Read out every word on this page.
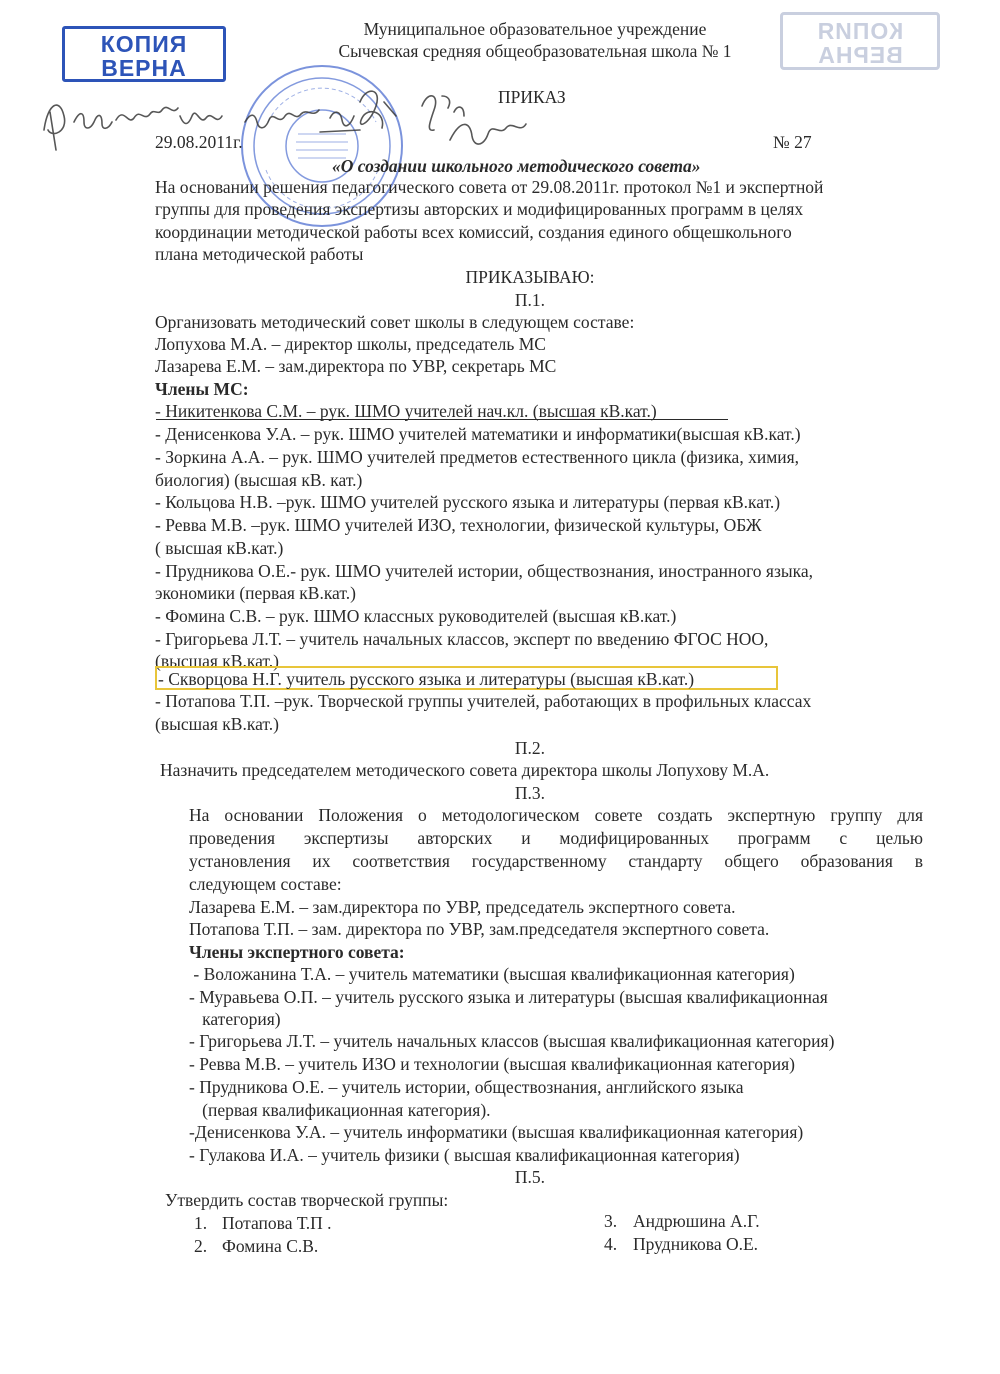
КОПИЯ
ВЕРНА
КОПИЯ
ВЕРНА
Муниципальное образовательное учреждение
Сычевская средняя общеобразовательная школа № 1
ПРИКАЗ
29.08.2011г.	№ 27
«О создании школьного методического совета»
На основании решения педагогического совета от 29.08.2011г. протокол №1 и экспертной
группы для проведения экспертизы авторских и модифицированных программ в целях
координации методической работы всех комиссий, создания единого общешкольного
плана методической работы
ПРИКАЗЫВАЮ:
П.1.
Организовать методический совет школы в следующем составе:
Лопухова М.А. – директор школы, председатель МС
Лазарева Е.М. – зам.директора по УВР, секретарь МС
Члены МС:
- Никитенкова С.М. – рук. ШМО учителей нач.кл. (высшая кВ.кат.)
- Денисенкова У.А. – рук. ШМО учителей математики и информатики(высшая кВ.кат.)
- Зоркина А.А. – рук. ШМО учителей предметов естественного цикла (физика, химия,
биология) (высшая кВ. кат.)
- Кольцова Н.В. –рук. ШМО учителей русского языка и литературы (первая кВ.кат.)
- Ревва М.В. –рук. ШМО учителей ИЗО, технологии, физической культуры, ОБЖ
( высшая кВ.кат.)
- Прудникова О.Е.- рук. ШМО учителей истории, обществознания, иностранного языка,
экономики (первая кВ.кат.)
- Фомина С.В. – рук. ШМО классных руководителей (высшая кВ.кат.)
- Григорьева Л.Т. – учитель начальных классов, эксперт по введению ФГОС НОО,
(высшая кВ.кат.)
- Скворцова Н.Г. учитель русского языка и литературы (высшая кВ.кат.)
- Потапова Т.П. –рук. Творческой группы учителей, работающих в профильных классах
(высшая кВ.кат.)
П.2.
Назначить председателем методического совета директора школы Лопухову М.А.
П.3.
На основании Положения о методологическом совете создать экспертную группу для
проведения экспертизы авторских и модифицированных программ с целью
установления их соответствия государственному стандарту общего образования в
следующем составе:
Лазарева Е.М. – зам.директора по УВР, председатель экспертного совета.
Потапова Т.П. – зам. директора по УВР, зам.председателя экспертного совета.
Члены экспертного совета:
- Воложанина Т.А. – учитель математики (высшая квалификационная категория)
- Муравьева О.П. – учитель русского языка и литературы (высшая квалификационная
категория)
- Григорьева Л.Т. – учитель начальных классов (высшая квалификационная категория)
- Ревва М.В. – учитель ИЗО и технологии (высшая квалификационная категория)
- Прудникова О.Е. – учитель истории, обществознания, английского языка
(первая квалификационная категория).
-Денисенкова У.А. – учитель информатики (высшая квалификационная категория)
- Гулакова И.А. – учитель физики ( высшая квалификационная категория)
П.5.
Утвердить состав творческой группы:
1. Потапова Т.П .
2. Фомина С.В.
3. Андрюшина А.Г.
4. Прудникова О.Е.
